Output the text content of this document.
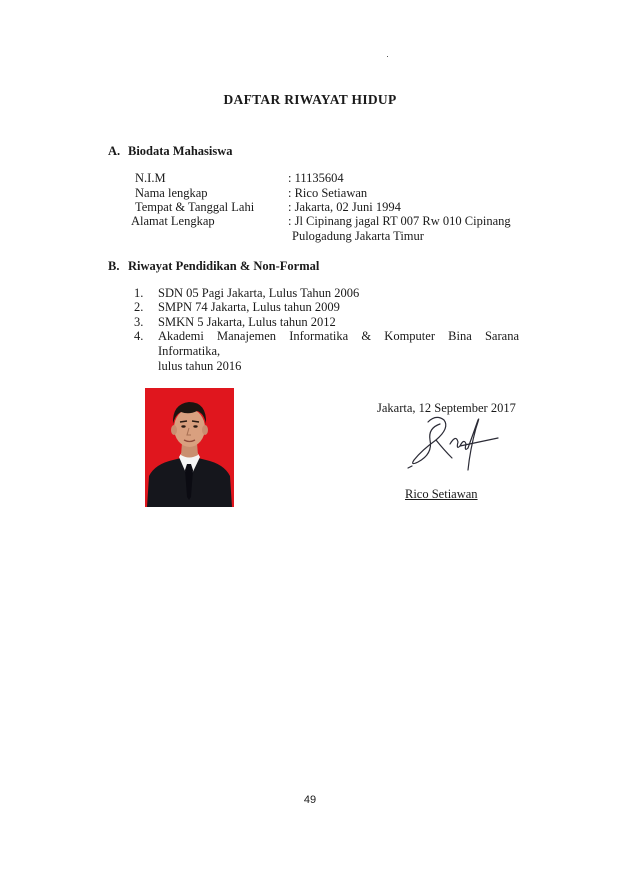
DAFTAR RIWAYAT HIDUP
A. Biodata Mahasiswa
N.I.M	: 11135604
Nama lengkap	: Rico Setiawan
Tempat & Tanggal Lahi	: Jakarta, 02 Juni 1994
Alamat Lengkap	: Jl Cipinang jagal RT 007 Rw 010 Cipinang
Pulogadung Jakarta Timur
B. Riwayat Pendidikan & Non-Formal
1.	SDN 05 Pagi Jakarta, Lulus Tahun 2006
2.	SMPN 74 Jakarta, Lulus tahun 2009
3.	SMKN 5 Jakarta, Lulus tahun 2012
4.	Akademi Manajemen Informatika & Komputer Bina Sarana
Informatika,
lulus tahun 2016
Jakarta, 12 September 2017
Rico Setiawan
49
